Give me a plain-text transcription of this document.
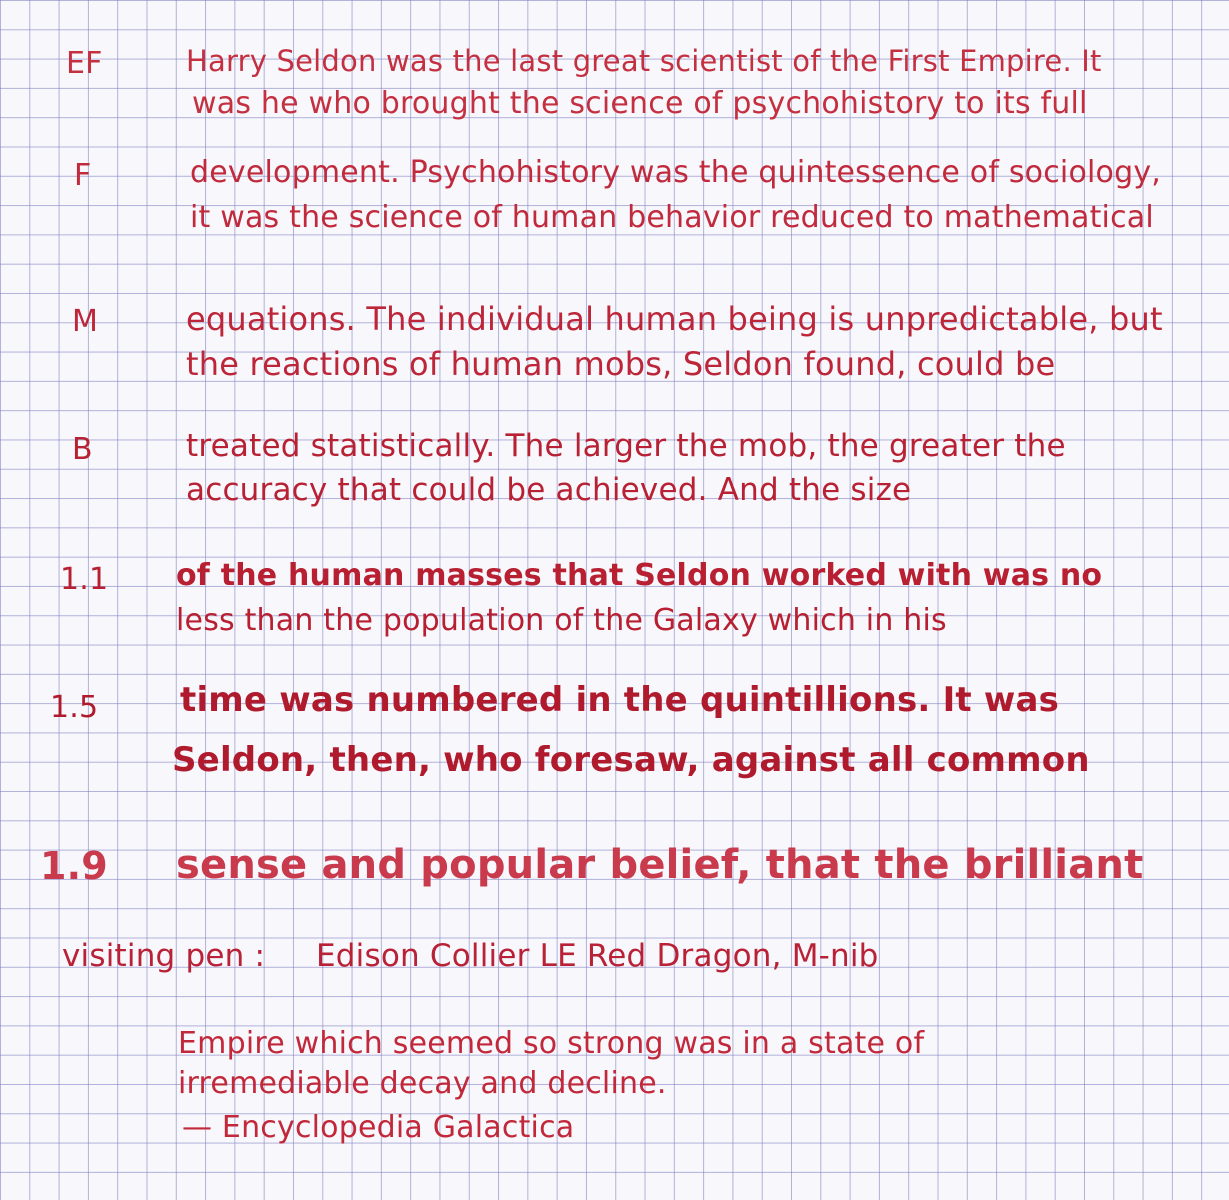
EF	Harry Seldon was the last great scientist of the First Empire. It

was he who brought the science of psychohistory to its full

F	development. Psychohistory was the quintessence of sociology,

it was the science of human behavior reduced to mathematical

M	equations. The individual human being is unpredictable, but

the reactions of human mobs, Seldon found, could be

B	treated statistically. The larger the mob, the greater the

accuracy that could be achieved. And the size

1.1 of the human masses that Seldon worked with was no

less than the population of the Galaxy which in his

1.5 time was numbered in the quintillions. It was

Seldon, then, who foresaw, against all common

1.9 sense and popular belief, that the brilliant

visiting pen : Edison Collier LE Red Dragon, M-nib

Empire which seemed so strong was in a state of

irremediable decay and decline.

— Encyclopedia Galactica
